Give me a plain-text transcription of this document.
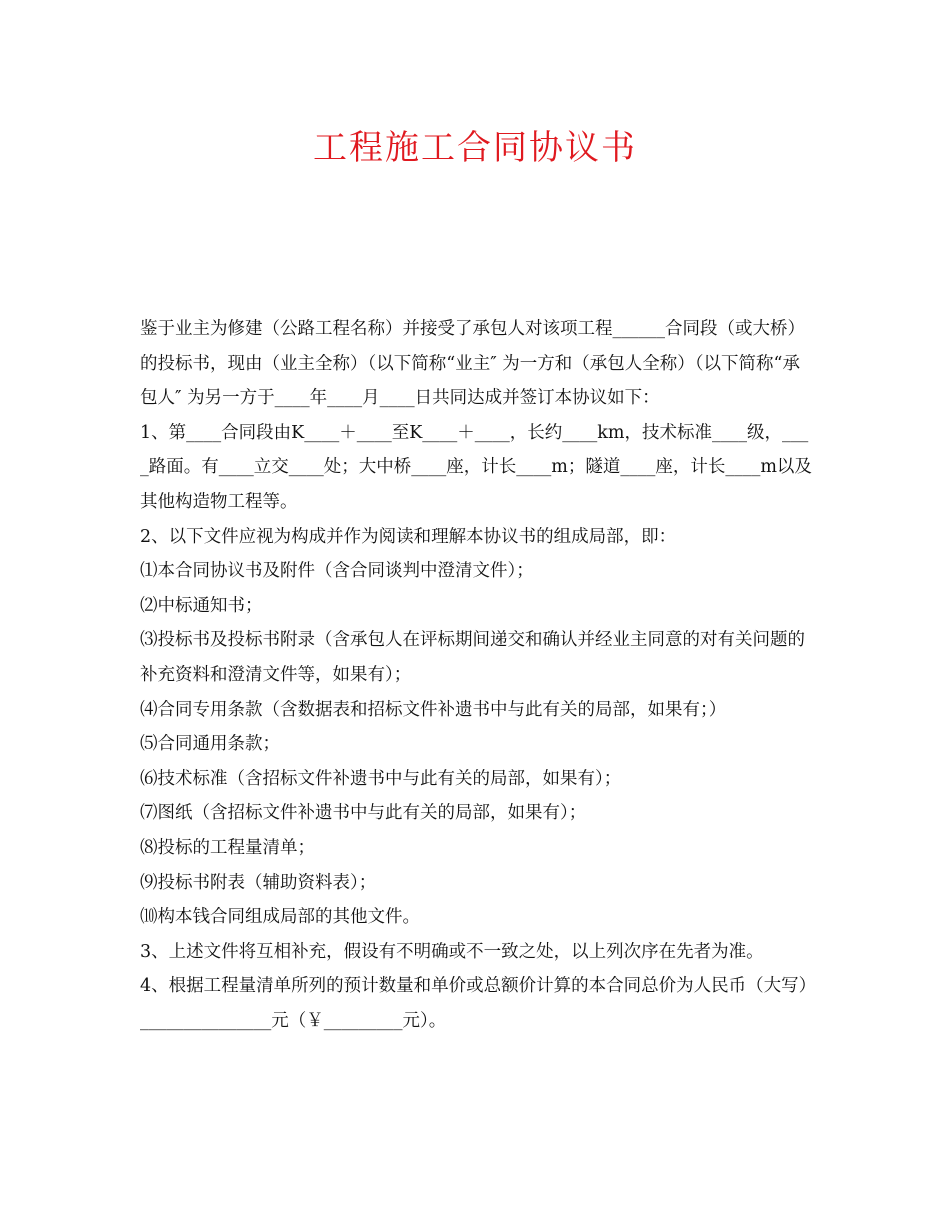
工程施工合同协议书

鉴于业主为修建（公路工程名称）并接受了承包人对该项工程______合同段（或大桥）的投标书，现由（业主全称）（以下简称“业主″ 为一方和（承包人全称）（以下简称“承包人″ 为另一方于____年____月____日共同达成并签订本协议如下：

1、第____合同段由K____＋____至K____＋____，长约____km，技术标准____级，____路面。有____立交____处；大中桥____座，计长____m；隧道____座，计长____m以及其他构造物工程等。

2、以下文件应视为构成并作为阅读和理解本协议书的组成局部，即：

⑴本合同协议书及附件（含合同谈判中澄清文件）；

⑵中标通知书；

⑶投标书及投标书附录（含承包人在评标期间递交和确认并经业主同意的对有关问题的补充资料和澄清文件等，如果有）；

⑷合同专用条款（含数据表和招标文件补遗书中与此有关的局部，如果有；）

⑸合同通用条款；

⑹技术标准（含招标文件补遗书中与此有关的局部，如果有）；

⑺图纸（含招标文件补遗书中与此有关的局部，如果有）；

⑻投标的工程量清单；

⑼投标书附表（辅助资料表）；

⑽构本钱合同组成局部的其他文件。

3、上述文件将互相补充，假设有不明确或不一致之处，以上列次序在先者为准。

4、根据工程量清单所列的预计数量和单价或总额价计算的本合同总价为人民币（大写）_______________元（￥_________元）。
